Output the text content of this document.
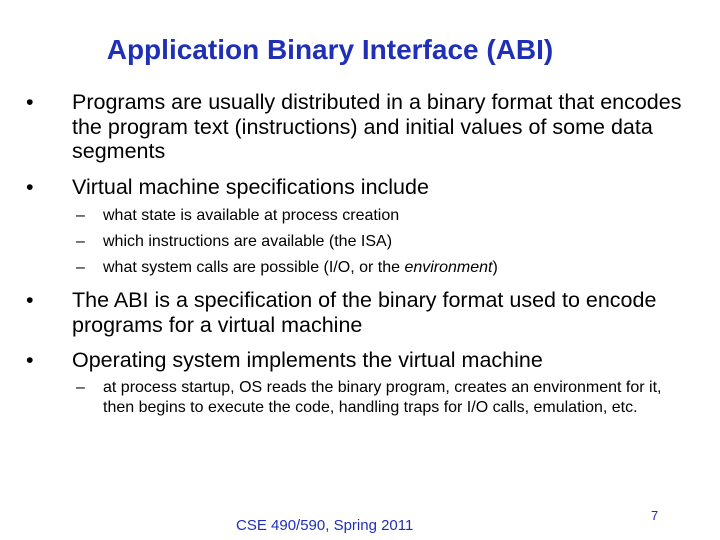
Application Binary Interface (ABI)
• Programs are usually distributed in a binary format that encodes the program text (instructions) and initial values of some data segments
• Virtual machine specifications include
– what state is available at process creation
– which instructions are available (the ISA)
– what system calls are possible (I/O, or the environment)
• The ABI is a specification of the binary format used to encode programs for a virtual machine
• Operating system implements the virtual machine
– at process startup, OS reads the binary program, creates an environment for it, then begins to execute the code, handling traps for I/O calls, emulation, etc.
CSE 490/590, Spring 2011
7
